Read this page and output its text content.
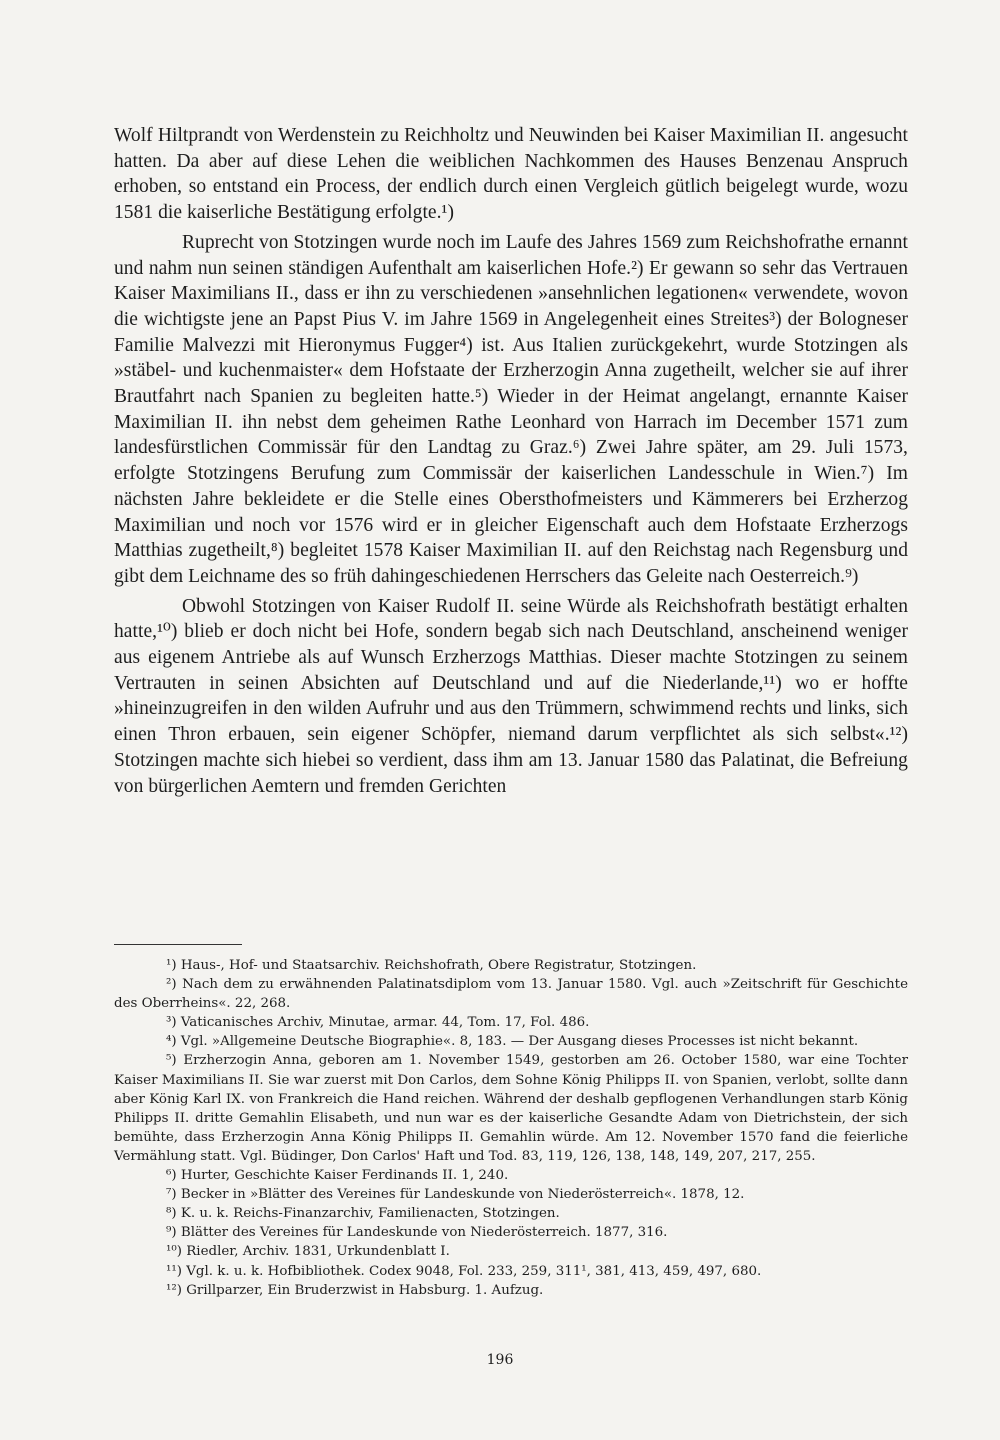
Wolf Hiltprandt von Werdenstein zu Reichholtz und Neuwinden bei Kaiser Maximilian II. angesucht hatten. Da aber auf diese Lehen die weiblichen Nachkommen des Hauses Benzenau Anspruch erhoben, so entstand ein Process, der endlich durch einen Vergleich gütlich beigelegt wurde, wozu 1581 die kaiserliche Bestätigung erfolgte.¹)

Ruprecht von Stotzingen wurde noch im Laufe des Jahres 1569 zum Reichshofrathe ernannt und nahm nun seinen ständigen Aufenthalt am kaiserlichen Hofe.²) Er gewann so sehr das Vertrauen Kaiser Maximilians II., dass er ihn zu verschiedenen »ansehnlichen legationen« verwendete, wovon die wichtigste jene an Papst Pius V. im Jahre 1569 in Angelegenheit eines Streites³) der Bologneser Familie Malvezzi mit Hieronymus Fugger⁴) ist. Aus Italien zurückgekehrt, wurde Stotzingen als »stäbel- und kuchenmaister« dem Hofstaate der Erzherzogin Anna zugetheilt, welcher sie auf ihrer Brautfahrt nach Spanien zu begleiten hatte.⁵) Wieder in der Heimat angelangt, ernannte Kaiser Maximilian II. ihn nebst dem geheimen Rathe Leonhard von Harrach im December 1571 zum landesfürstlichen Commissär für den Landtag zu Graz.⁶) Zwei Jahre später, am 29. Juli 1573, erfolgte Stotzingens Berufung zum Commissär der kaiserlichen Landesschule in Wien.⁷) Im nächsten Jahre bekleidete er die Stelle eines Obersthofmeisters und Kämmerers bei Erzherzog Maximilian und noch vor 1576 wird er in gleicher Eigenschaft auch dem Hofstaate Erzherzogs Matthias zugetheilt,⁸) begleitet 1578 Kaiser Maximilian II. auf den Reichstag nach Regensburg und gibt dem Leichname des so früh dahingeschiedenen Herrschers das Geleite nach Oesterreich.⁹)

Obwohl Stotzingen von Kaiser Rudolf II. seine Würde als Reichshofrath bestätigt erhalten hatte,¹⁰) blieb er doch nicht bei Hofe, sondern begab sich nach Deutschland, anscheinend weniger aus eigenem Antriebe als auf Wunsch Erzherzogs Matthias. Dieser machte Stotzingen zu seinem Vertrauten in seinen Absichten auf Deutschland und auf die Niederlande,¹¹) wo er hoffte »hineinzugreifen in den wilden Aufruhr und aus den Trümmern, schwimmend rechts und links, sich einen Thron erbauen, sein eigener Schöpfer, niemand darum verpflichtet als sich selbst«.¹²) Stotzingen machte sich hiebei so verdient, dass ihm am 13. Januar 1580 das Palatinat, die Befreiung von bürgerlichen Aemtern und fremden Gerichten

¹) Haus-, Hof- und Staatsarchiv. Reichshofrath, Obere Registratur, Stotzingen.

²) Nach dem zu erwähnenden Palatinatsdiplom vom 13. Januar 1580. Vgl. auch »Zeitschrift für Geschichte des Oberrheins«. 22, 268.

³) Vaticanisches Archiv, Minutae, armar. 44, Tom. 17, Fol. 486.

⁴) Vgl. »Allgemeine Deutsche Biographie«. 8, 183. — Der Ausgang dieses Processes ist nicht bekannt.

⁵) Erzherzogin Anna, geboren am 1. November 1549, gestorben am 26. October 1580, war eine Tochter Kaiser Maximilians II. Sie war zuerst mit Don Carlos, dem Sohne König Philipps II. von Spanien, verlobt, sollte dann aber König Karl IX. von Frankreich die Hand reichen. Während der deshalb gepflogenen Verhandlungen starb König Philipps II. dritte Gemahlin Elisabeth, und nun war es der kaiserliche Gesandte Adam von Dietrichstein, der sich bemühte, dass Erzherzogin Anna König Philipps II. Gemahlin würde. Am 12. November 1570 fand die feierliche Vermählung statt. Vgl. Büdinger, Don Carlos' Haft und Tod. 83, 119, 126, 138, 148, 149, 207, 217, 255.

⁶) Hurter, Geschichte Kaiser Ferdinands II. 1, 240.

⁷) Becker in »Blätter des Vereines für Landeskunde von Niederösterreich«. 1878, 12.

⁸) K. u. k. Reichs-Finanzarchiv, Familienacten, Stotzingen.

⁹) Blätter des Vereines für Landeskunde von Niederösterreich. 1877, 316.

¹⁰) Riedler, Archiv. 1831, Urkundenblatt I.

¹¹) Vgl. k. u. k. Hofbibliothek. Codex 9048, Fol. 233, 259, 311¹, 381, 413, 459, 497, 680.

¹²) Grillparzer, Ein Bruderzwist in Habsburg. 1. Aufzug.

196
